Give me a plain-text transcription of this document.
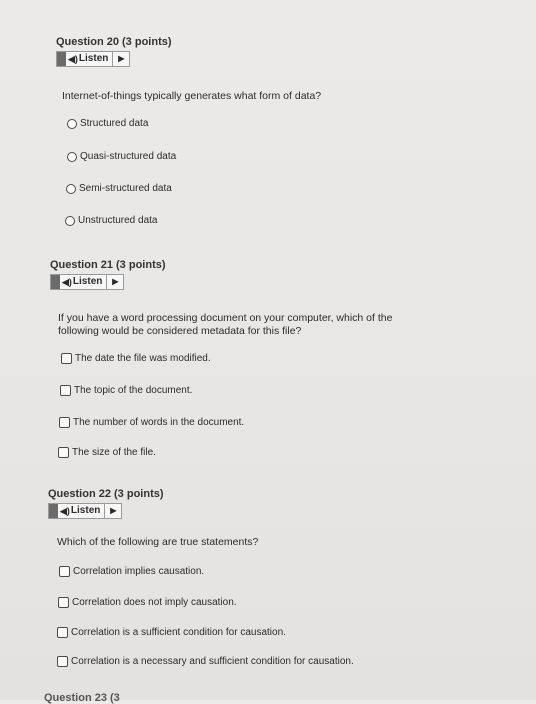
Question 20 (3 points)

◀) Listen	▶
Internet-of-things typically generates what form of data?
Structured data
Quasi-structured data
Semi-structured data
Unstructured data

Question 21 (3 points)

◀) Listen	▶
If you have a word processing document on your computer, which of the following would be considered metadata for this file?
The date the file was modified.
The topic of the document.
The number of words in the document.
The size of the file.

Question 22 (3 points)

◀) Listen	▶
Which of the following are true statements?
Correlation implies causation.
Correlation does not imply causation.
Correlation is a sufficient condition for causation.
Correlation is a necessary and sufficient condition for causation.
Question 23 (3
